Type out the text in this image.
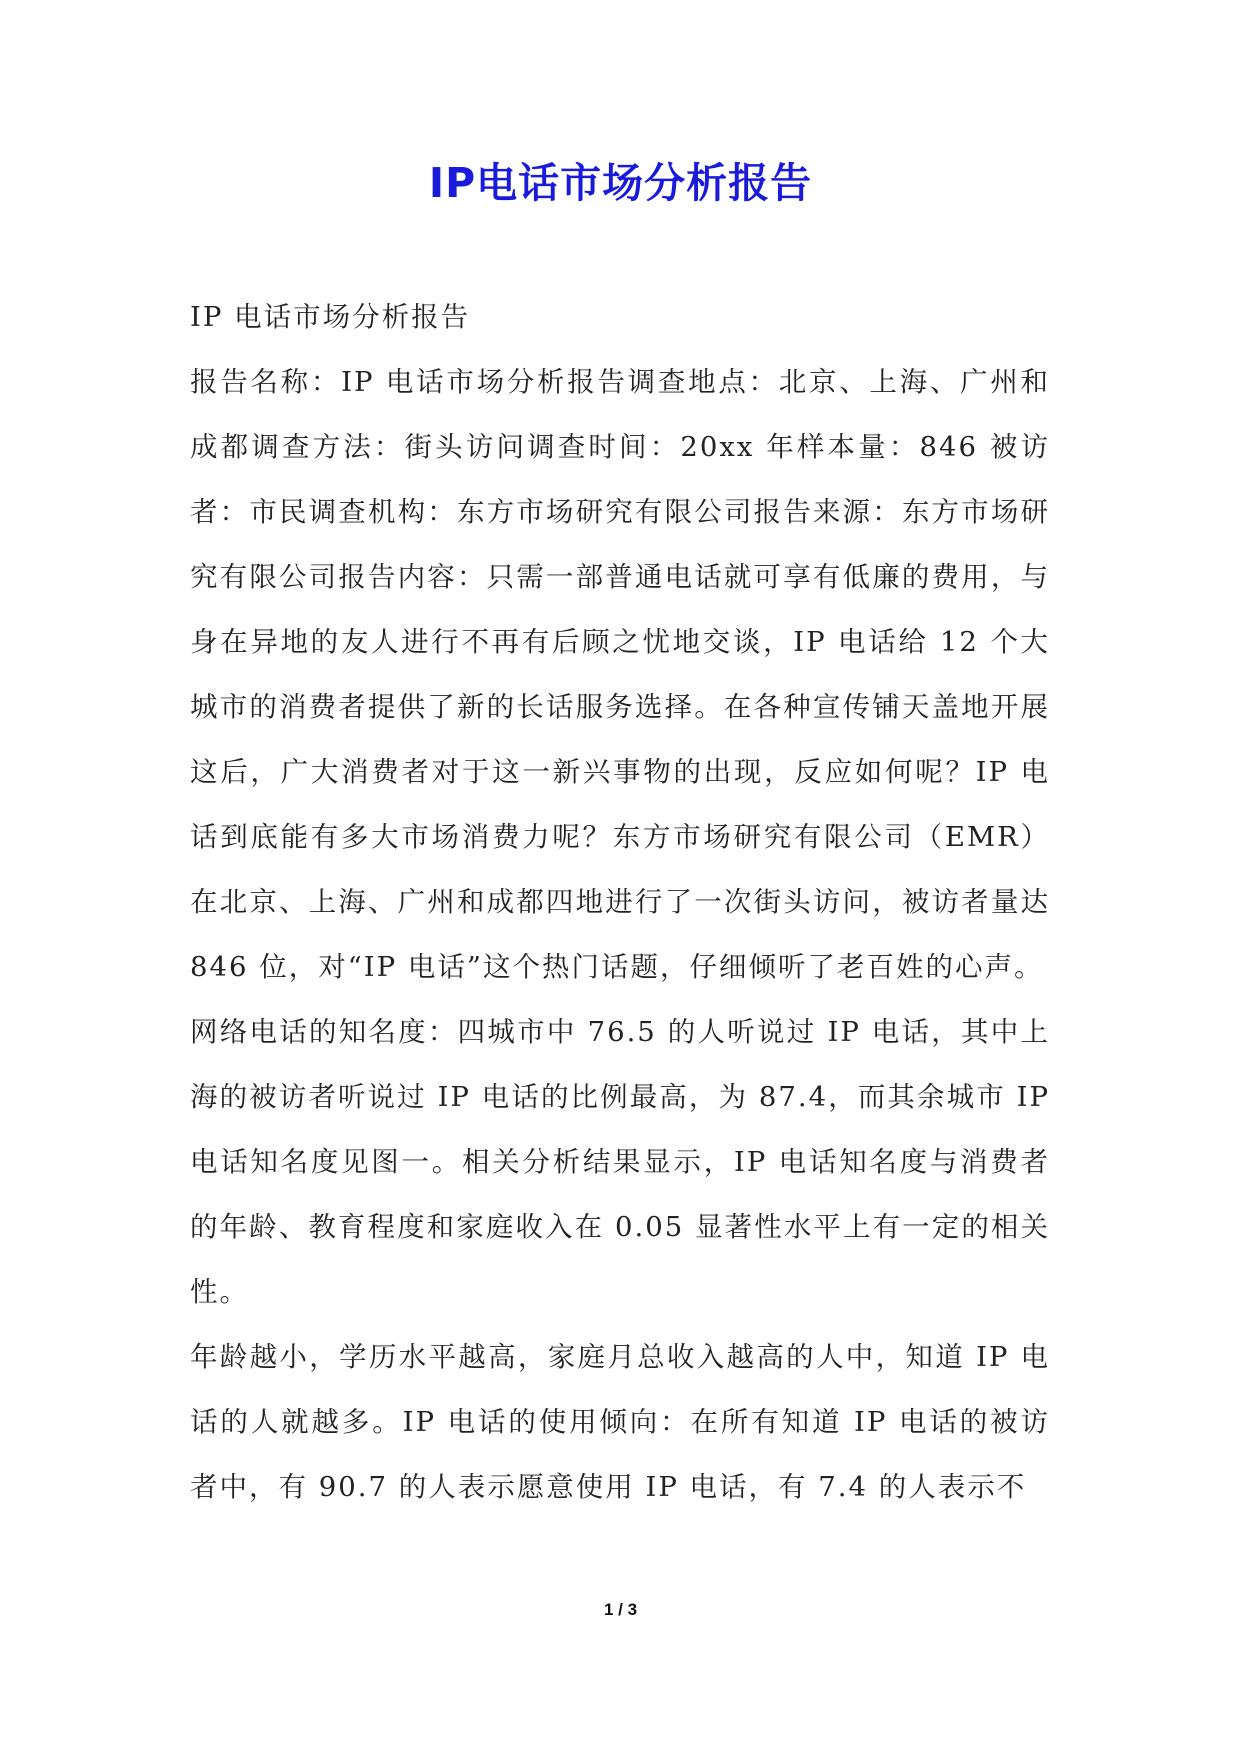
IP电话市场分析报告

IP 电话市场分析报告

报告名称：IP 电话市场分析报告调查地点：北京、上海、广州和成都调查方法：街头访问调查时间：20xx 年样本量：846 被访者：市民调查机构：东方市场研究有限公司报告来源：东方市场研究有限公司报告内容：只需一部普通电话就可享有低廉的费用，与身在异地的友人进行不再有后顾之忧地交谈，IP 电话给 12 个大城市的消费者提供了新的长话服务选择。在各种宣传铺天盖地开展这后，广大消费者对于这一新兴事物的出现，反应如何呢？IP 电话到底能有多大市场消费力呢？东方市场研究有限公司（EMR）在北京、上海、广州和成都四地进行了一次街头访问，被访者量达 846 位，对“IP 电话”这个热门话题，仔细倾听了老百姓的心声。

网络电话的知名度：四城市中 76.5 的人听说过 IP 电话，其中上海的被访者听说过 IP 电话的比例最高，为 87.4，而其余城市 IP 电话知名度见图一。相关分析结果显示，IP 电话知名度与消费者的年龄、教育程度和家庭收入在 0.05 显著性水平上有一定的相关性。

年龄越小，学历水平越高，家庭月总收入越高的人中，知道 IP 电话的人就越多。IP 电话的使用倾向：在所有知道 IP 电话的被访者中，有 90.7 的人表示愿意使用 IP 电话，有 7.4 的人表示不

1 / 3
